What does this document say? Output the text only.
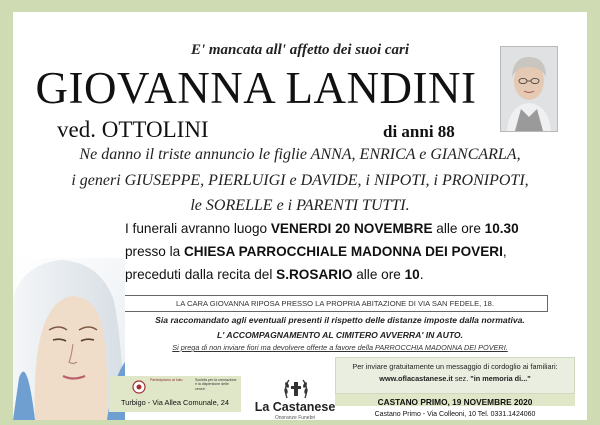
E' mancata all' affetto dei suoi cari
GIOVANNA LANDINI
ved. OTTOLINI	di anni 88
Ne danno il triste annuncio le figlie ANNA, ENRICA e GIANCARLA,
i generi GIUSEPPE, PIERLUIGI e DAVIDE, i NIPOTI, i PRONIPOTI,
le SORELLE e i PARENTI TUTTI.
I funerali avranno luogo VENERDI 20 NOVEMBRE alle ore 10.30
presso la CHIESA PARROCCHIALE MADONNA DEI POVERI,
preceduti dalla recita del S.ROSARIO alle ore 10.
LA CARA GIOVANNA RIPOSA PRESSO LA PROPRIA ABITAZIONE DI VIA SAN FEDELE, 18.
Sia raccomandato agli eventuali presenti il rispetto delle distanze imposte dalla normativa.
L' ACCOMPAGNAMENTO AL CIMITERO AVVERRA' IN AUTO.
Si prega di non inviare fiori ma devolvere offerte a favore della PARROCCHIA MADONNA DEI POVERI.
Partecipiamo al lutto	Società per la cremazione e la dispersione delle ceneri
Turbigo - Via Allea Comunale, 24	La Castanese
Onoranze Funebri
Per inviare gratuitamente un messaggio di cordoglio ai familiari:
www.oflacastanese.it sez. "in memoria di..."
CASTANO PRIMO, 19 NOVEMBRE 2020
Castano Primo - Via Colleoni, 10 Tel. 0331.1424060
